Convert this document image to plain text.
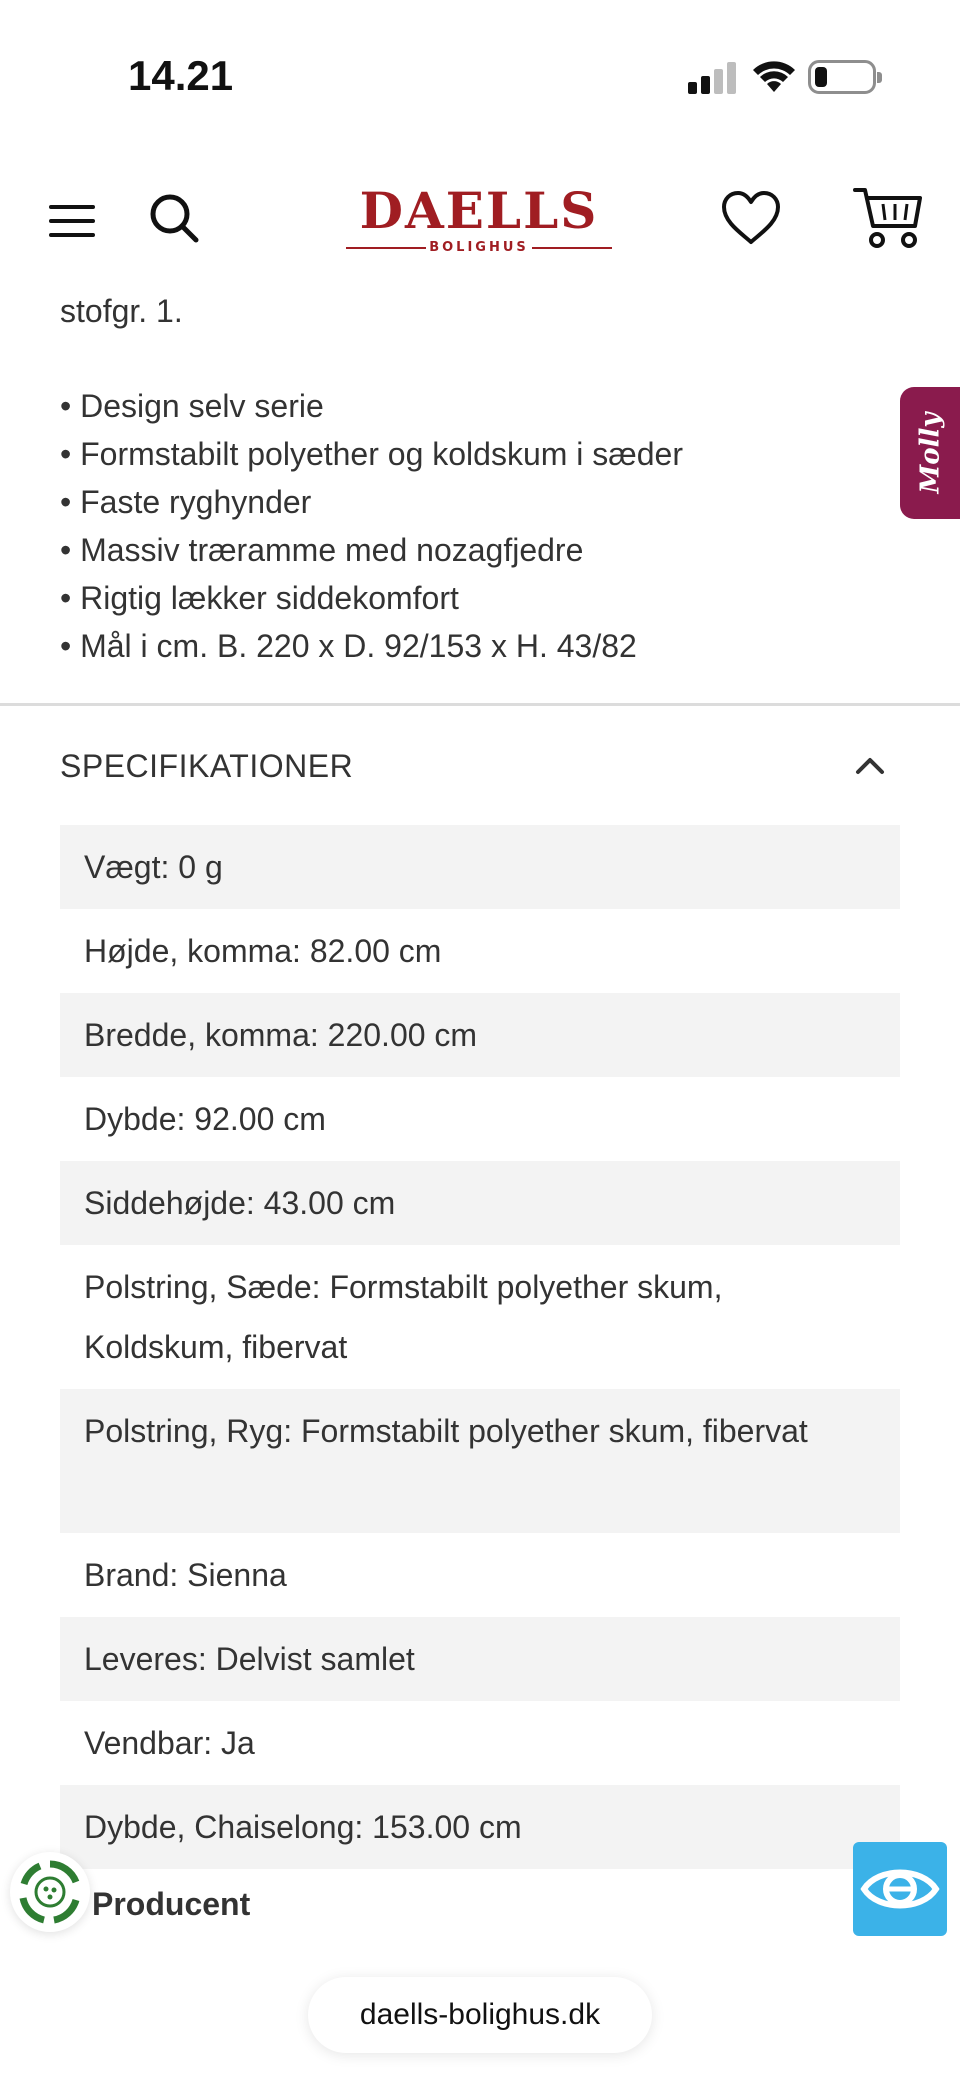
14.21
DAELLS
BOLIGHUS
stofgr. 1.
• Design selv serie
• Formstabilt polyether og koldskum i sæder
• Faste ryghynder
• Massiv træramme med nozagfjedre
• Rigtig lækker siddekomfort
• Mål i cm. B. 220 x D. 92/153 x H. 43/82
SPECIFIKATIONER
Vægt: 0 g
Højde, komma: 82.00 cm
Bredde, komma: 220.00 cm
Dybde: 92.00 cm
Siddehøjde: 43.00 cm
Polstring, Sæde: Formstabilt polyether skum, Koldskum, fibervat
Polstring, Ryg: Formstabilt polyether skum, fibervat
Brand: Sienna
Leveres: Delvist samlet
Vendbar: Ja
Dybde, Chaiselong: 153.00 cm
Producent
Molly
daells-bolighus.dk
